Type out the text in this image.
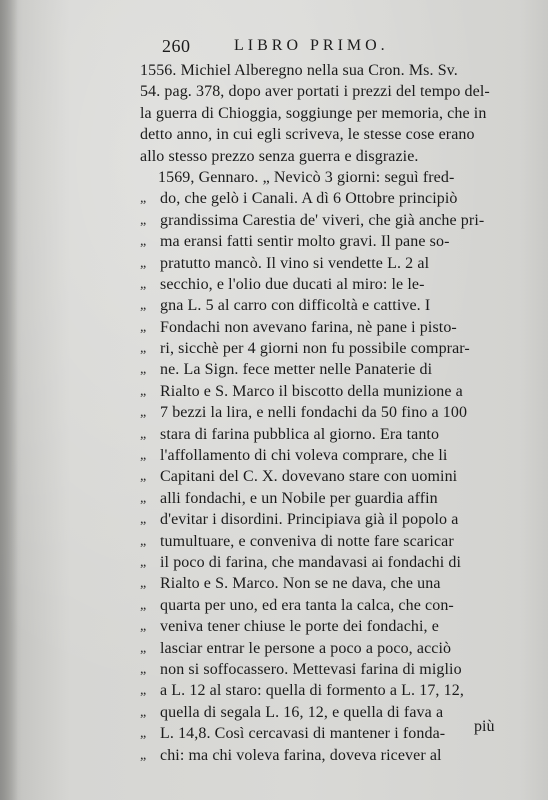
260	LIBRO PRIMO.
1556. Michiel Alberegno nella sua Cron. Ms. Sv.
54. pag. 378, dopo aver portati i prezzi del tempo del-
la guerra di Chioggia, soggiunge per memoria, che in
detto anno, in cui egli scriveva, le stesse cose erano
allo stesso prezzo senza guerra e disgrazie.
1569, Gennaro. „ Nevicò 3 giorni: seguì fred-
„ do, che gelò i Canali. A dì 6 Ottobre principiò
„ grandissima Carestia de' viveri, che già anche pri-
„ ma eransi fatti sentir molto gravi. Il pane so-
„ pratutto mancò. Il vino si vendette L. 2 al
„ secchio, e l'olio due ducati al miro: le le-
„ gna L. 5 al carro con difficoltà e cattive. I
„ Fondachi non avevano farina, nè pane i pisto-
„ ri, sicchè per 4 giorni non fu possibile comprar-
„ ne. La Sign. fece metter nelle Panaterie di
„ Rialto e S. Marco il biscotto della munizione a
„ 7 bezzi la lira, e nelli fondachi da 50 fino a 100
„ stara di farina pubblica al giorno. Era tanto
„ l'affollamento di chi voleva comprare, che li
„ Capitani del C. X. dovevano stare con uomini
„ alli fondachi, e un Nobile per guardia affin
„ d'evitar i disordini. Principiava già il popolo a
„ tumultuare, e conveniva di notte fare scaricar
„ il poco di farina, che mandavasi ai fondachi di
„ Rialto e S. Marco. Non se ne dava, che una
„ quarta per uno, ed era tanta la calca, che con-
„ veniva tener chiuse le porte dei fondachi, e
„ lasciar entrar le persone a poco a poco, acciò
„ non si soffocassero. Mettevasi farina di miglio
„ a L. 12 al staro: quella di formento a L. 17, 12,
„ quella di segala L. 16, 12, e quella di fava a
„ L. 14,8. Così cercavasi di mantener i fonda-
„ chi: ma chi voleva farina, doveva ricever al
più
